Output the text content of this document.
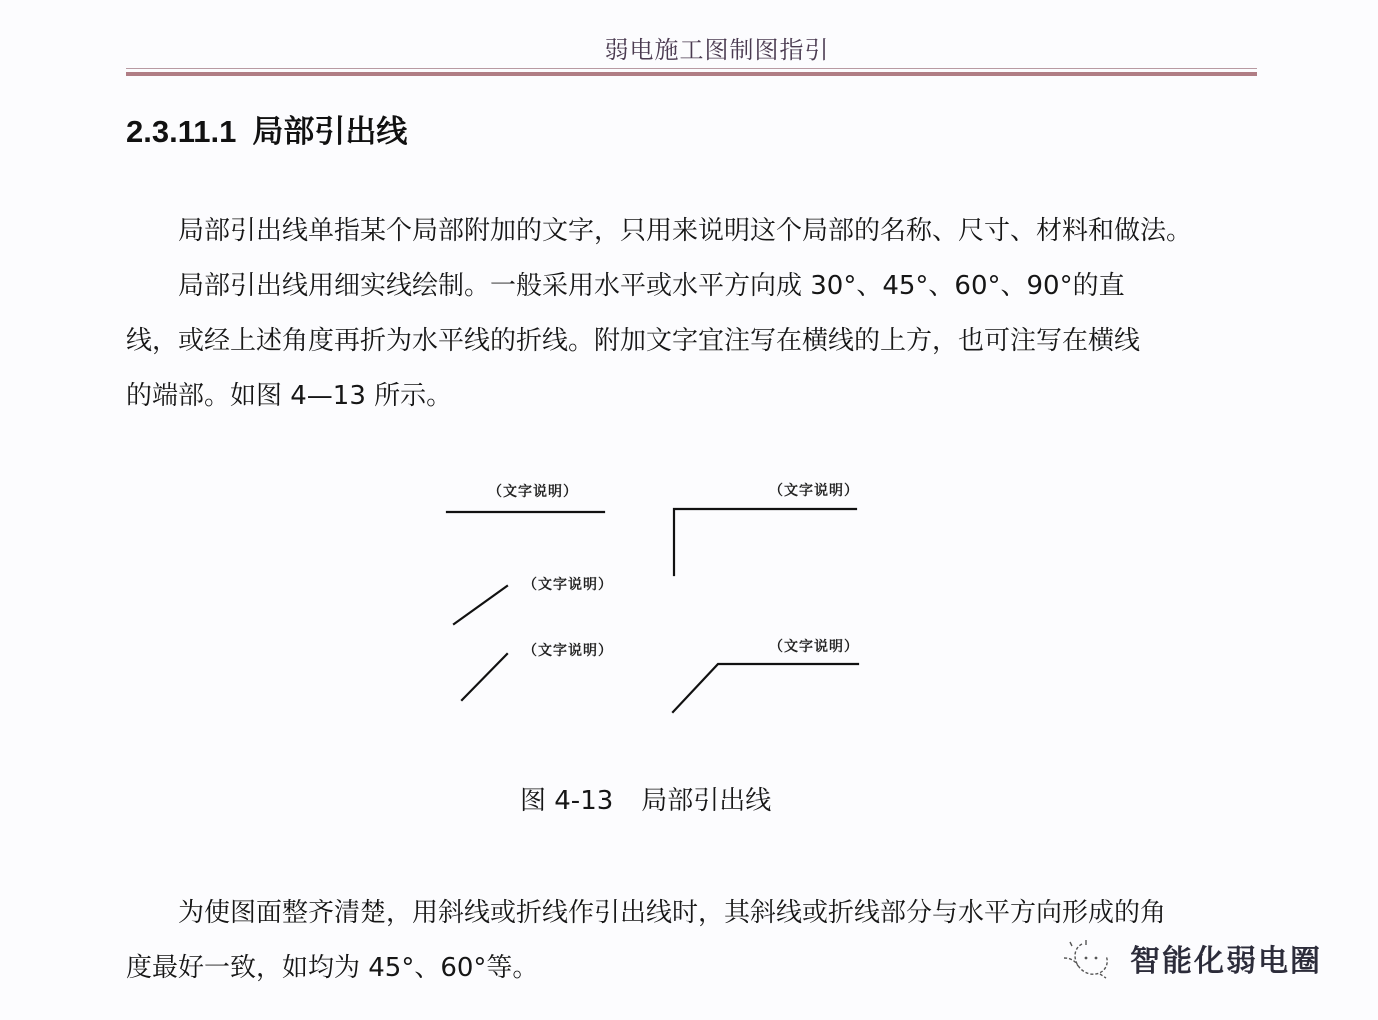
弱电施工图制图指引
2.3.11.1 局部引出线
　　局部引出线单指某个局部附加的文字，只用来说明这个局部的名称、尺寸、材料和做法。
　　局部引出线用细实线绘制。一般采用水平或水平方向成 30°、45°、60°、90°的直
线，或经上述角度再折为水平线的折线。附加文字宜注写在横线的上方，也可注写在横线
的端部。如图 4—13 所示。
（文字说明）	（文字说明）
（文字说明）
（文字说明）	（文字说明）
图 4-13 局部引出线
　　为使图面整齐清楚，用斜线或折线作引出线时，其斜线或折线部分与水平方向形成的角
度最好一致，如均为 45°、60°等。	智能化弱电圈
